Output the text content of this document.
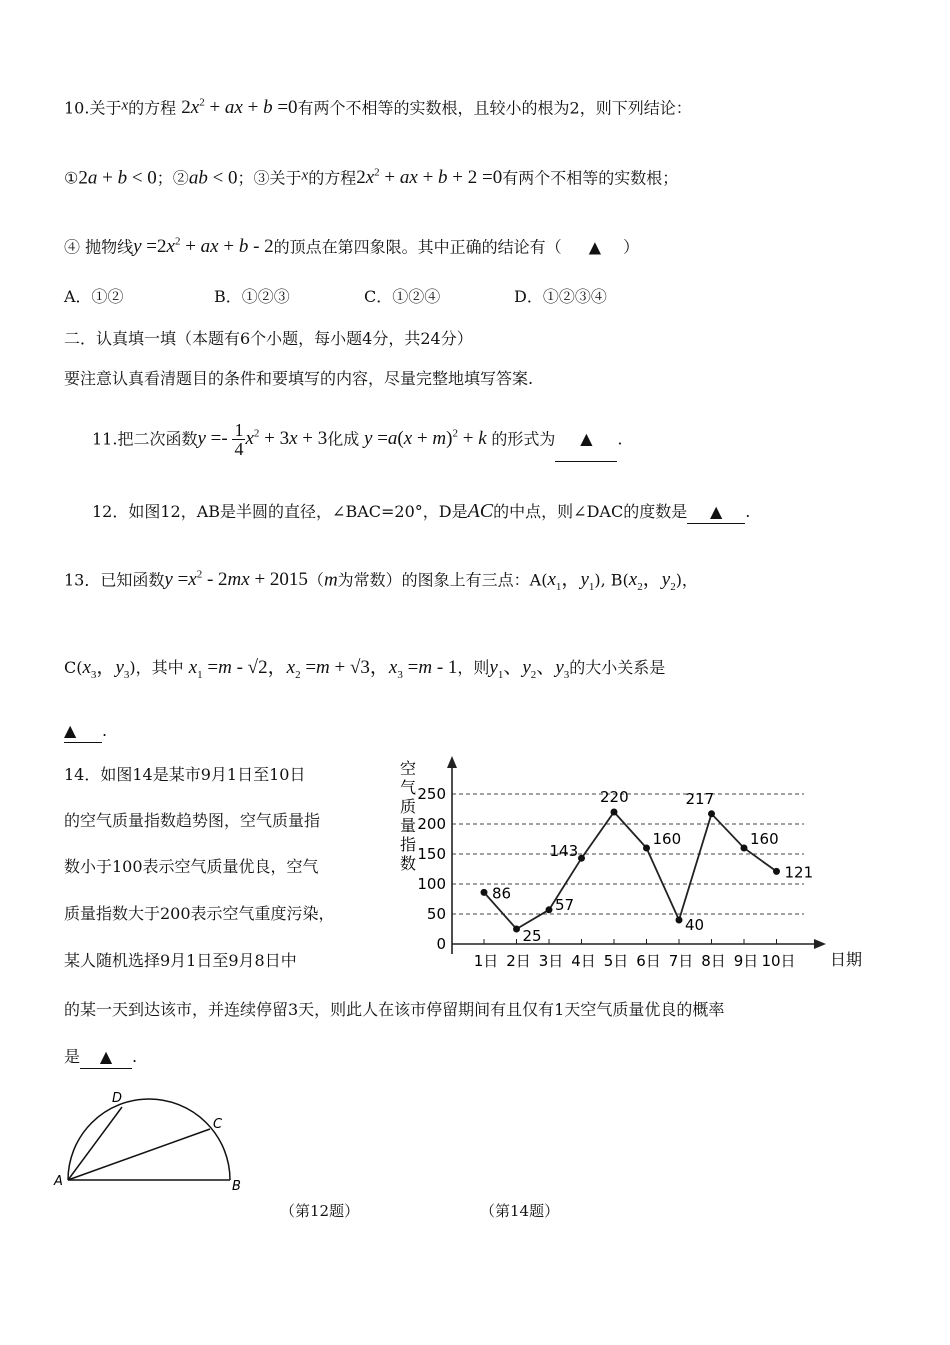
10.关于x的方程 $2x^2$ + ax + b =0有两个不相等的实数根，且较小的根为2，则下列结论：
①2a + b < 0；②ab < 0；③关于x的方程$2x^2$ + ax + b + 2 =0有两个不相等的实数根；
④ 抛物线$y =2x^2$ + ax + b - 2的顶点在第四象限。其中正确的结论有（ ▲ ）
A．①②	B．①②③	C．①②④	D．①②③④
二．认真填一填（本题有6个小题，每小题4分，共24分）
要注意认真看清题目的条件和要填写的内容，尽量完整地填写答案.
11.把二次函数$y =- \frac{1}{4} x^2 + 3x + 3$化成 $y =a(x + m)^2 + k$ 的形式为 ▲ .
12．如图12，AB是半圆的直径，∠BAC=20°，D是AC的中点，则∠DAC的度数是 ▲ .
13．已知函数$y =x^2 - 2mx + 2015(m$为常数）的图象上有三点：$A(x_1$，$y_1$), $B(x_2$，$y_2$)，
$C(x_3$，$y_3$)，其中 $x_1 =m - √2$，$x_2 =m + √3$，$x_3 =m - 1$，则$y_1$、$y_2$、$y_3$的大小关系是
▲ .
14．如图14是某市9月1日至10日
的空气质量指数趋势图，空气质量指
数小于100表示空气质量优良，空气
质量指数大于200表示空气重度污染，
某人随机选择9月1日至9月8日中
的某一天到达该市，并连续停留3天，则此人在该市停留期间有且仅有1天空气质量优良的概率
是 ▲ .
0
50
100
150
200
250
1日 2日 3日 4日 5日 6日 7日 8日 9日 10日
86
25
57
143
220
160
40
217
160
121
空
气
质
量
指
数
日期
D
C
A	B
（第12题）	（第14题）
